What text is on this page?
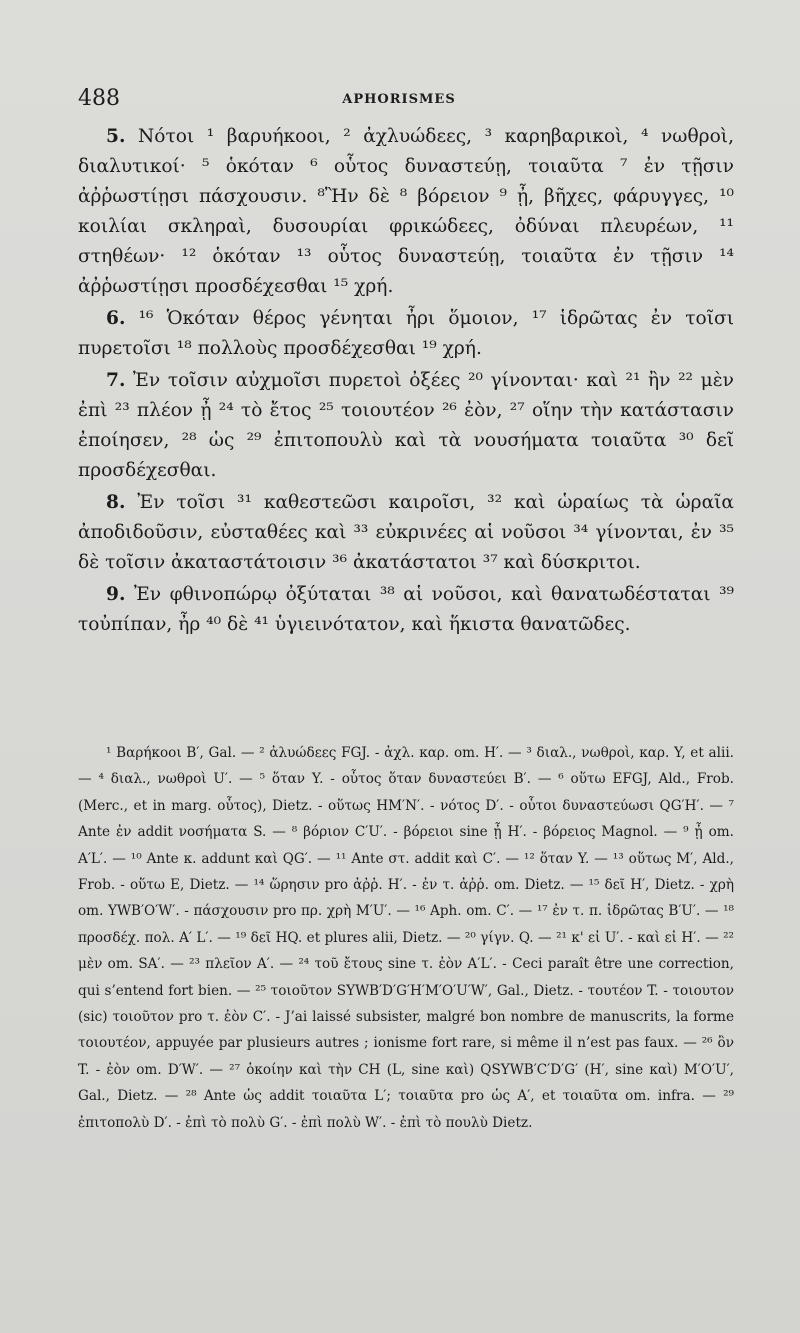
488	APHORISMES

5. Νότοι ¹ βαρυήκοοι, ² ἀχλυώδεες, ³ καρηβαρικοὶ, ⁴ νωθροὶ, διαλυτικοί· ⁵ ὁκόταν ⁶ οὗτος δυναστεύῃ, τοιαῦτα ⁷ ἐν τῇσιν ἀῤῥωστίῃσι πάσχουσιν. ⁸Ἢν δὲ ⁸ βόρειον ⁹ ᾖ, βῆχες, φάρυγγες, ¹⁰ κοιλίαι σκληραὶ, δυσουρίαι φρικώδεες, ὀδύναι πλευρέων, ¹¹ στηθέων· ¹² ὁκόταν ¹³ οὗτος δυναστεύῃ, τοιαῦτα ἐν τῇσιν ¹⁴ ἀῤῥωστίῃσι προσδέχεσθαι ¹⁵ χρή.

6. ¹⁶ Ὁκόταν θέρος γένηται ἦρι ὅμοιον, ¹⁷ ἱδρῶτας ἐν τοῖσι πυρετοῖσι ¹⁸ πολλοὺς προσδέχεσθαι ¹⁹ χρή.

7. Ἐν τοῖσιν αὐχμοῖσι πυρετοὶ ὀξέες ²⁰ γίνονται· καὶ ²¹ ἢν ²² μὲν ἐπὶ ²³ πλέον ᾖ ²⁴ τὸ ἔτος ²⁵ τοιουτέον ²⁶ ἐὸν, ²⁷ οἵην τὴν κατάστασιν ἐποίησεν, ²⁸ ὡς ²⁹ ἐπιτοπουλὺ καὶ τὰ νουσήματα τοιαῦτα ³⁰ δεῖ προσδέχεσθαι.

8. Ἐν τοῖσι ³¹ καθεστεῶσι καιροῖσι, ³² καὶ ὡραίως τὰ ὡραῖα ἀποδιδοῦσιν, εὐσταθέες καὶ ³³ εὐκρινέες αἱ νοῦσοι ³⁴ γίνονται, ἐν ³⁵ δὲ τοῖσιν ἀκαταστάτοισιν ³⁶ ἀκατάστατοι ³⁷ καὶ δύσκριτοι.

9. Ἐν φθινοπώρῳ ὀξύταται ³⁸ αἱ νοῦσοι, καὶ θανατωδέσταται ³⁹ τοὐπίπαν, ἦρ ⁴⁰ δὲ ⁴¹ ὑγιεινότατον, καὶ ἥκιστα θανατῶδες.

¹ Βαρήκοοι B′, Gal. — ² ἀλυώδεες FGJ. - ἀχλ. καρ. om. H′. — ³ διαλ., νωθροὶ, καρ. Y, et alii. — ⁴ διαλ., νωθροὶ U′. — ⁵ ὅταν Y. - οὗτος ὅταν δυναστεύει B′. — ⁶ οὕτω EFGJ, Ald., Frob. (Merc., et in marg. οὗτος), Dietz. - οὕτως HM′N′. - νότος D′. - οὗτοι δυναστεύωσι QG′H′. — ⁷ Ante ἐν addit νοσήματα S. — ⁸ βόριον C′U′. - βόρειοι sine ᾖ H′. - βόρειος Magnol. — ⁹ ᾖ om. A′L′. — ¹⁰ Ante κ. addunt καὶ QG′. — ¹¹ Ante στ. addit καὶ C′. — ¹² ὅταν Y. — ¹³ οὕτως M′, Ald., Frob. - οὕτω E, Dietz. — ¹⁴ ὥρησιν pro ἀῤῥ. H′. - ἐν τ. ἀῤῥ. om. Dietz. — ¹⁵ δεῖ H′, Dietz. - χρὴ om. YWB′O′W′. - πάσχουσιν pro πρ. χρὴ M′U′. — ¹⁶ Aph. om. C′. — ¹⁷ ἐν τ. π. ἱδρῶτας B′U′. — ¹⁸ προσδέχ. πολ. A′ L′. — ¹⁹ δεῖ HQ. et plures alii, Dietz. — ²⁰ γίγν. Q. — ²¹ κ' εἰ U′. - καὶ εἰ H′. — ²² μὲν om. SA′. — ²³ πλεῖον A′. — ²⁴ τοῦ ἔτους sine τ. ἐὸν A′L′. - Ceci paraît être une correction, qui s’entend fort bien. — ²⁵ τοιοῦτον SYWB′D′G′H′M′O′U′W′, Gal., Dietz. - τουτέον T. - τοιουτον (sic) τοιοῦτον pro τ. ἐὸν C′. - J’ai laissé subsister, malgré bon nombre de manuscrits, la forme τοιουτέον, appuyée par plusieurs autres ; ionisme fort rare, si même il n’est pas faux. — ²⁶ ὂν T. - ἐὸν om. D′W′. — ²⁷ ὁκοίην καὶ τὴν CH (L, sine καὶ) QSYWB′C′D′G′ (H′, sine καὶ) M′O′U′, Gal., Dietz. — ²⁸ Ante ὡς addit τοιαῦτα L′; τοιαῦτα pro ὡς A′, et τοιαῦτα om. infra. — ²⁹ ἐπιτοπολὺ D′. - ἐπὶ τὸ πολὺ G′. - ἐπὶ πολὺ W′. - ἐπὶ τὸ πουλὺ Dietz.
